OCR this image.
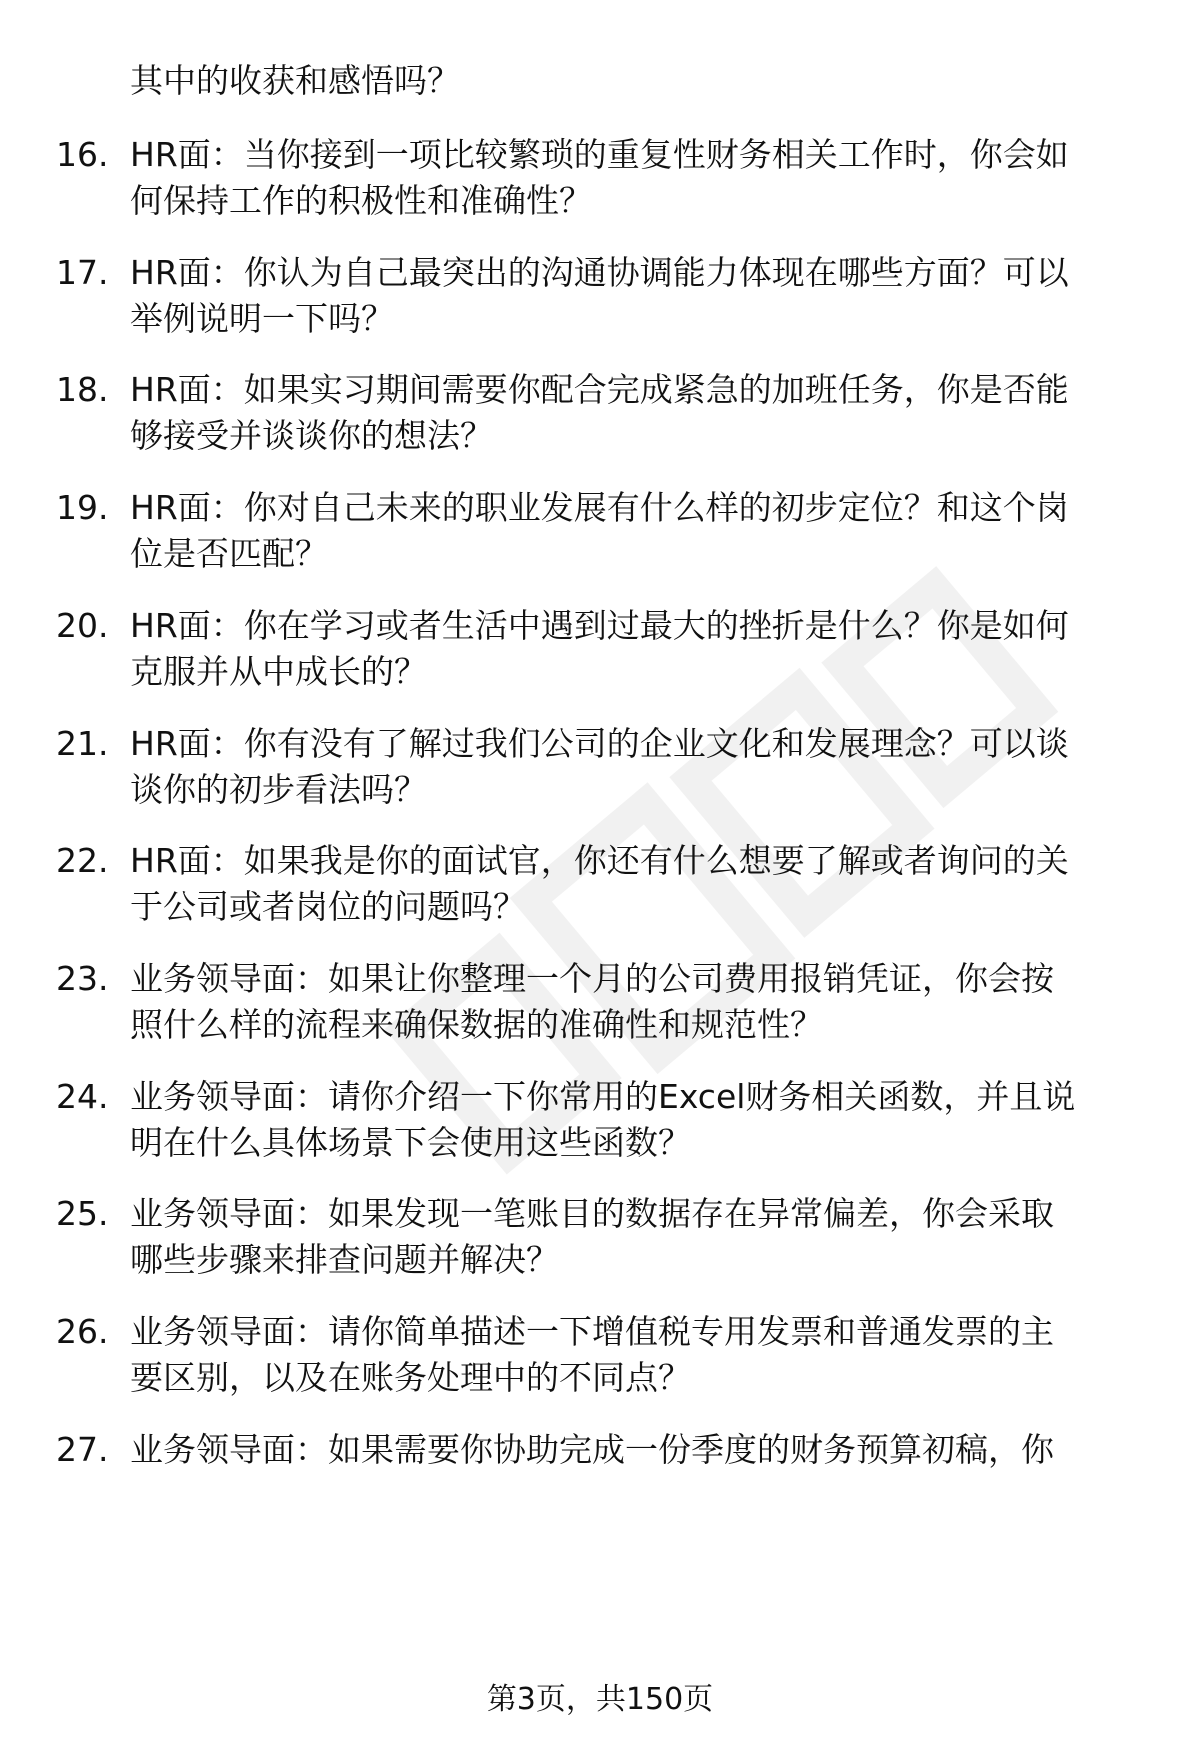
其中的收获和感悟吗？
16. HR面：当你接到一项比较繁琐的重复性财务相关工作时，你会如
何保持工作的积极性和准确性？
17. HR面：你认为自己最突出的沟通协调能力体现在哪些方面？可以
举例说明一下吗？
18. HR面：如果实习期间需要你配合完成紧急的加班任务，你是否能
够接受并谈谈你的想法？
19. HR面：你对自己未来的职业发展有什么样的初步定位？和这个岗
位是否匹配？
20. HR面：你在学习或者生活中遇到过最大的挫折是什么？你是如何
克服并从中成长的？
21. HR面：你有没有了解过我们公司的企业文化和发展理念？可以谈
谈你的初步看法吗？
22. HR面：如果我是你的面试官，你还有什么想要了解或者询问的关
于公司或者岗位的问题吗？
23. 业务领导面：如果让你整理一个月的公司费用报销凭证，你会按
照什么样的流程来确保数据的准确性和规范性？
24. 业务领导面：请你介绍一下你常用的Excel财务相关函数，并且说
明在什么具体场景下会使用这些函数？
25. 业务领导面：如果发现一笔账目的数据存在异常偏差，你会采取
哪些步骤来排查问题并解决？
26. 业务领导面：请你简单描述一下增值税专用发票和普通发票的主
要区别，以及在账务处理中的不同点？
27. 业务领导面：如果需要你协助完成一份季度的财务预算初稿，你
第3页，共150页
